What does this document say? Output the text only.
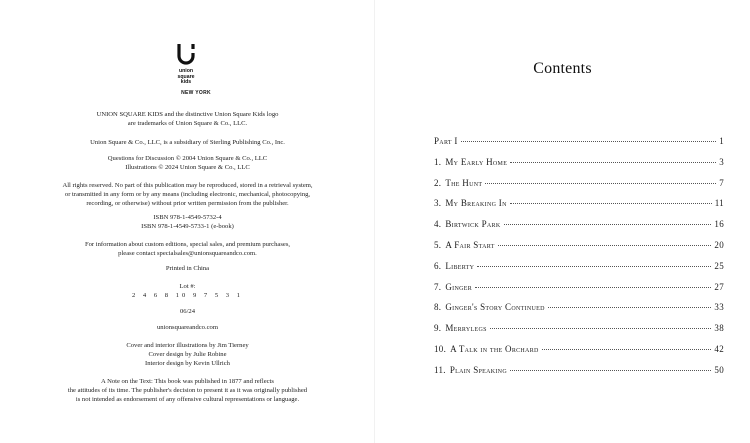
union
square
kids
NEW YORK

UNION SQUARE KIDS and the distinctive Union Square Kids logo

are trademarks of Union Square & Co., LLC.

Union Square & Co., LLC, is a subsidiary of Sterling Publishing Co., Inc.

Questions for Discussion © 2004 Union Square & Co., LLC

Illustrations © 2024 Union Square & Co., LLC

All rights reserved. No part of this publication may be reproduced, stored in a retrieval system,

or transmitted in any form or by any means (including electronic, mechanical, photocopying,

recording, or otherwise) without prior written permission from the publisher.

ISBN 978-1-4549-5732-4

ISBN 978-1-4549-5733-1 (e-book)

For information about custom editions, special sales, and premium purchases,

please contact specialsales@unionsquareandco.com.

Printed in China

Lot #:

2 4 6 8 10 9 7 5 3 1

06/24

unionsquareandco.com

Cover and interior illustrations by Jim Tierney

Cover design by Julie Robine

Interior design by Kevin Ullrich

A Note on the Text: This book was published in 1877 and reflects

the attitudes of its time. The publisher's decision to present it as it was originally published

is not intended as endorsement of any offensive cultural representations or language.

Contents
Part I	1
1. My Early Home	3
2. The Hunt	7
3. My Breaking In	11
4. Birtwick Park	16
5. A Fair Start	20
6. Liberty	25
7. Ginger	27
8. Ginger's Story Continued	33
9. Merrylegs	38
10. A Talk in the Orchard	42
11. Plain Speaking	50
